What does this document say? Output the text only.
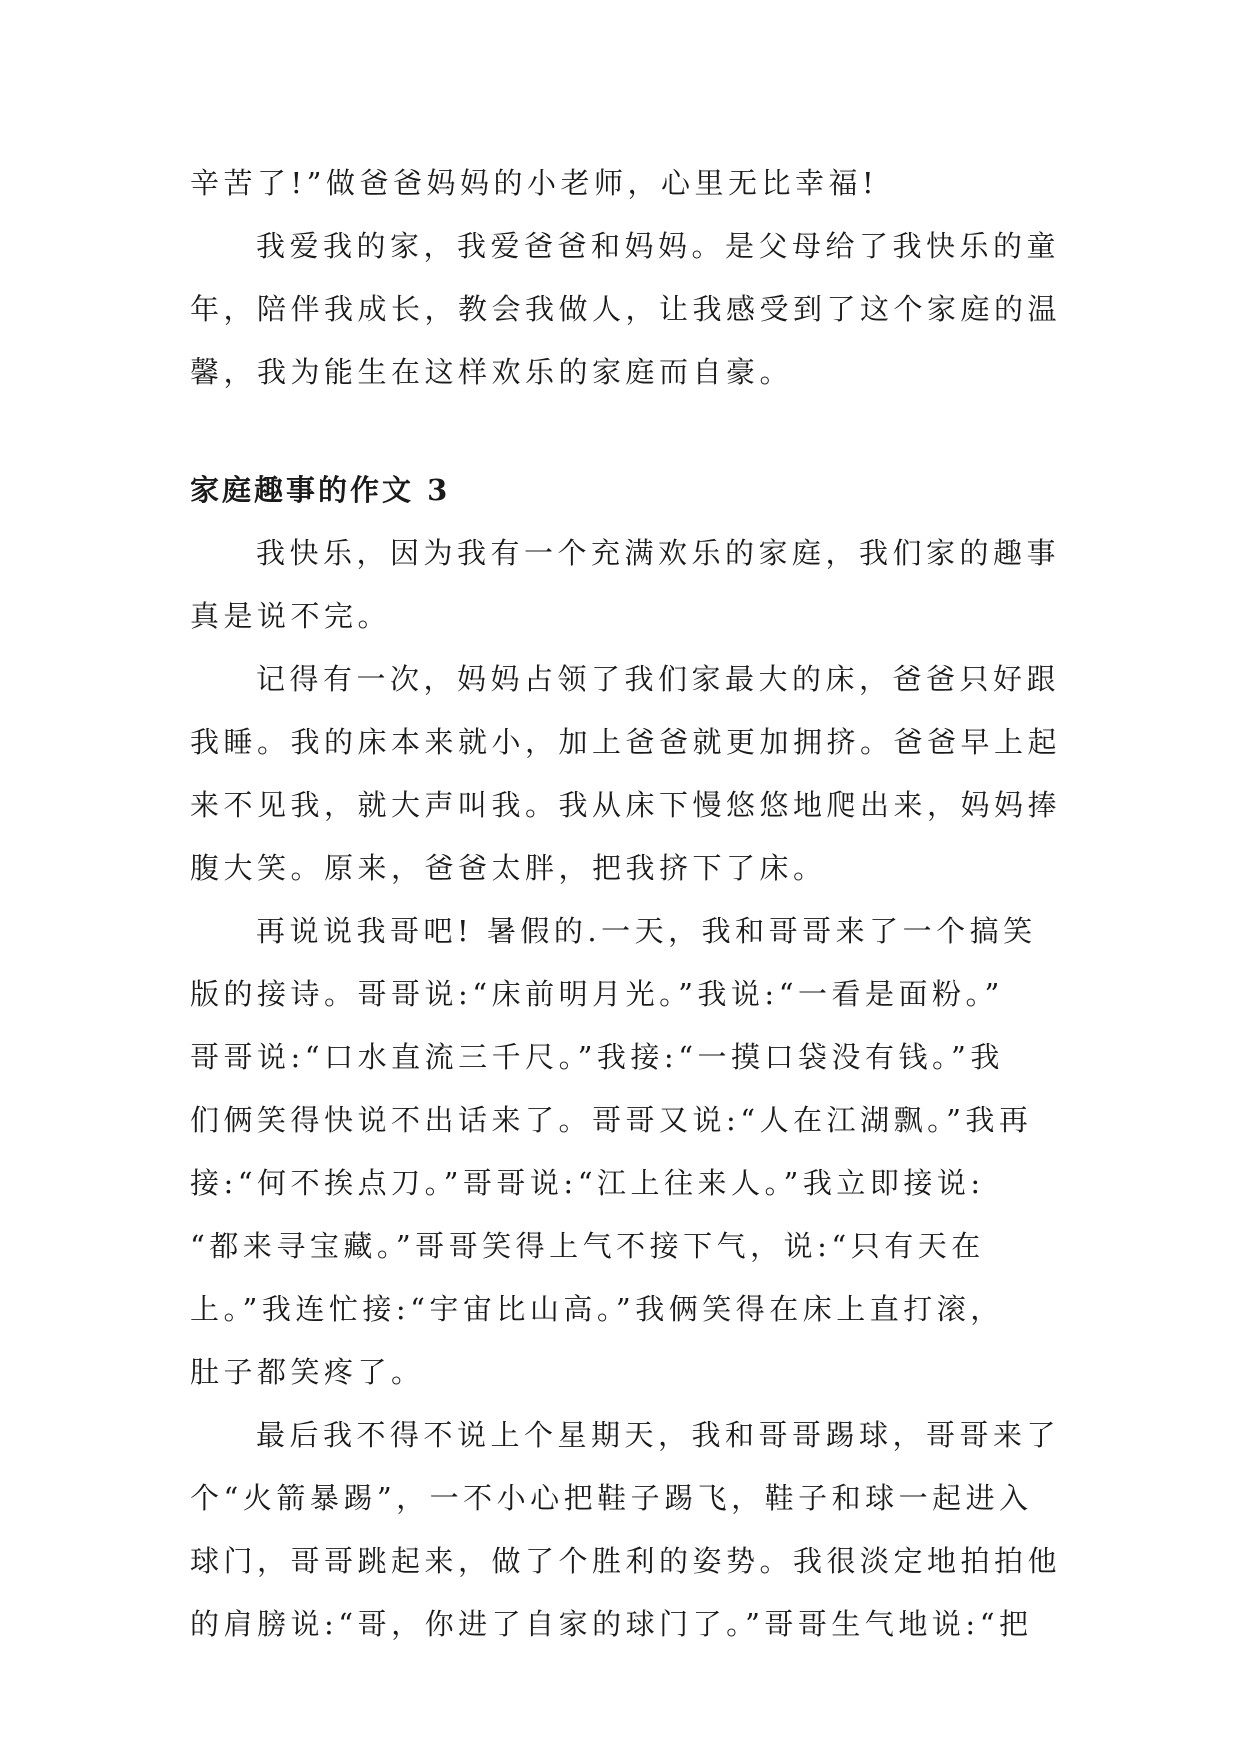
辛苦了!”做爸爸妈妈的小老师，心里无比幸福!

我爱我的家，我爱爸爸和妈妈。是父母给了我快乐的童
年，陪伴我成长，教会我做人，让我感受到了这个家庭的温
馨，我为能生在这样欢乐的家庭而自豪。

家庭趣事的作文 3

我快乐，因为我有一个充满欢乐的家庭，我们家的趣事
真是说不完。

记得有一次，妈妈占领了我们家最大的床，爸爸只好跟
我睡。我的床本来就小，加上爸爸就更加拥挤。爸爸早上起
来不见我，就大声叫我。我从床下慢悠悠地爬出来，妈妈捧
腹大笑。原来，爸爸太胖，把我挤下了床。

再说说我哥吧! 暑假的.一天，我和哥哥来了一个搞笑
版的接诗。哥哥说:“床前明月光。”我说:“一看是面粉。”
哥哥说:“口水直流三千尺。”我接:“一摸口袋没有钱。”我
们俩笑得快说不出话来了。哥哥又说:“人在江湖飘。”我再
接:“何不挨点刀。”哥哥说:“江上往来人。”我立即接说:
“都来寻宝藏。”哥哥笑得上气不接下气，说:“只有天在
上。”我连忙接:“宇宙比山高。”我俩笑得在床上直打滚，
肚子都笑疼了。

最后我不得不说上个星期天，我和哥哥踢球，哥哥来了
个“火箭暴踢”，一不小心把鞋子踢飞，鞋子和球一起进入
球门，哥哥跳起来，做了个胜利的姿势。我很淡定地拍拍他
的肩膀说:“哥，你进了自家的球门了。”哥哥生气地说:“把
